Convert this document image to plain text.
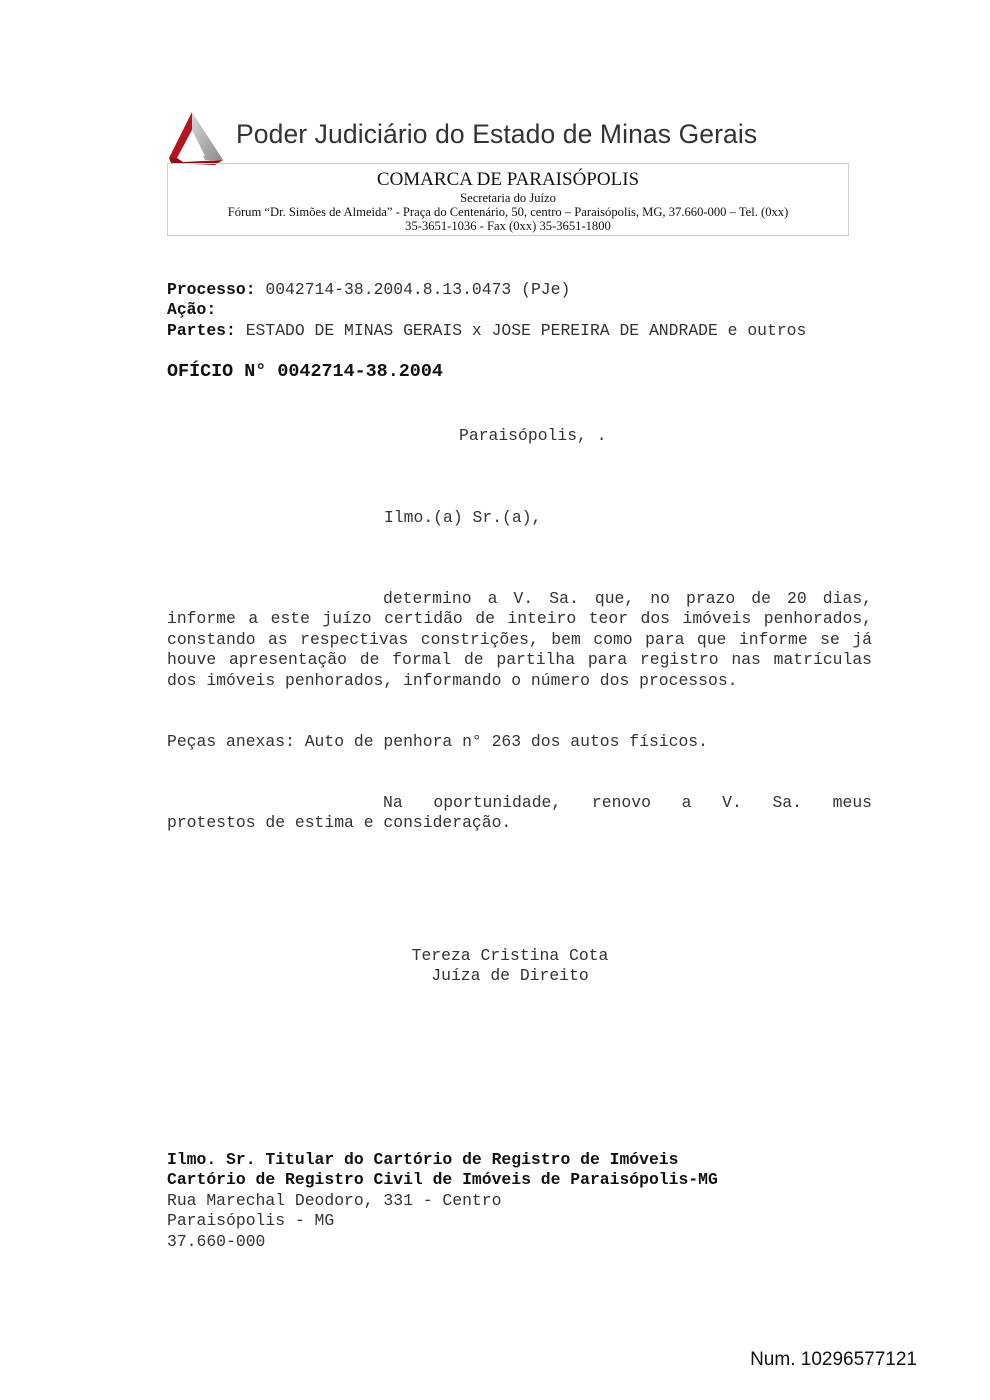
Poder Judiciário do Estado de Minas Gerais
COMARCA DE PARAISÓPOLIS
Secretaria do Juízo
Fórum “Dr. Simões de Almeida” - Praça do Centenário, 50, centro – Paraisópolis, MG, 37.660-000 – Tel. (0xx)
35-3651-1036 - Fax (0xx) 35-3651-1800
Processo: 0042714-38.2004.8.13.0473 (PJe)
Ação:
Partes: ESTADO DE MINAS GERAIS x JOSE PEREIRA DE ANDRADE e outros
OFÍCIO N° 0042714-38.2004
Paraisópolis, .
Ilmo.(a) Sr.(a),
determino a V. Sa. que, no prazo de 20 dias, informe a este juízo certidão de inteiro teor dos imóveis penhorados, constando as respectivas constrições, bem como para que informe se já houve apresentação de formal de partilha para registro nas matrículas dos imóveis penhorados, informando o número dos processos.
Peças anexas: Auto de penhora n° 263 dos autos físicos.
Na oportunidade, renovo a V. Sa. meus
protestos de estima e consideração.
Tereza Cristina Cota
Juíza de Direito
Ilmo. Sr. Titular do Cartório de Registro de Imóveis
Cartório de Registro Civil de Imóveis de Paraisópolis-MG
Rua Marechal Deodoro, 331 - Centro
Paraisópolis - MG
37.660-000
Num. 10296577121
